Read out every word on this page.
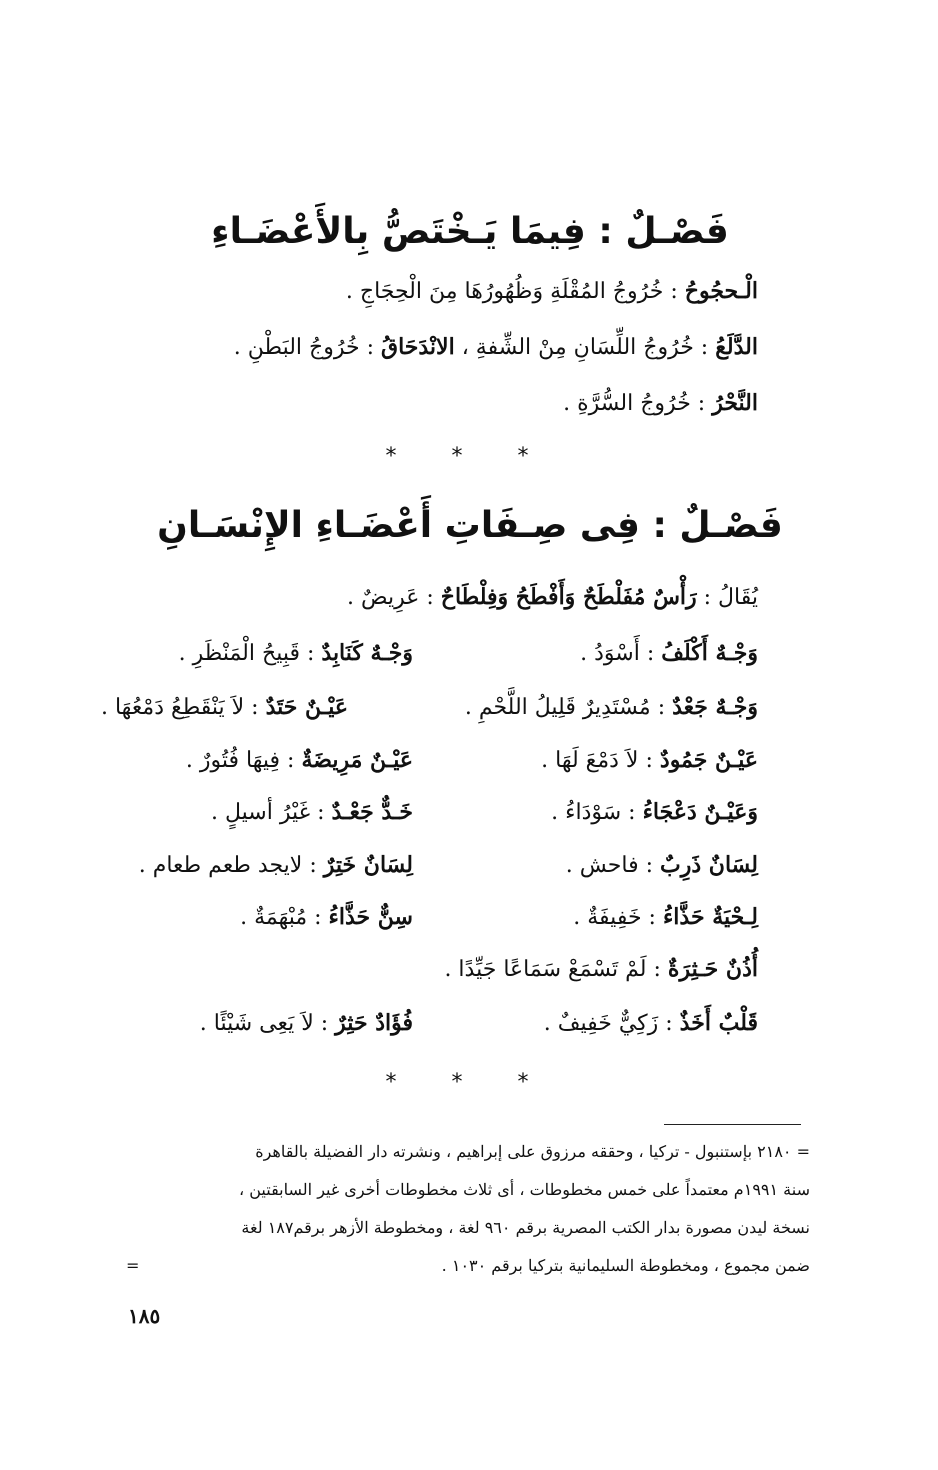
فَصْـلٌ : فِيمَا يَـخْتَصُّ بِالأَعْضَـاءِ
الْـحجُوحُ : خُرُوجُ المُقْلَةِ وَظُهُورُهَا مِنَ الْحِجَاجِ .
الدَّلَعُ : خُرُوجُ اللِّسَانِ مِنْ الشِّفةِ ، الانْدَحَاقُ : خُرُوجُ البَطْنِ .
النَّحْرُ : خُرُوجُ السُّرَّةِ .
* * *
فَصْـلٌ : فِى صِـفَاتِ أَعْضَـاءِ الإِنْسَـانِ
يُقَالُ : رَأْسٌ مُفَلْطَحٌ وَأَفْطَحُ وَفِلْطَاحٌ : عَرِيضٌ .
وَجْـهٌ أَكْلَفُ : أَسْوَدُ .
وَجْـهٌ كَنَابِدٌ : قَبِيحُ الْمَنْظَرِ .
وَجْـهٌ جَعْدٌ : مُسْتَدِيرٌ قَلِيلُ اللَّحْمِ .
عَيْـنٌ حَتَدٌ : لاَ يَنْقَطِعُ دَمْعُهَا .
عَيْـنٌ جَمُودٌ : لاَ دَمْعَ لَهَا .
عَيْـنٌ مَرِيضَةٌ : فِيهَا فُتُورٌ .
وَعَيْـنٌ دَعْجَاءُ : سَوْدَاءُ .
خَـدٌّ جَعْـدٌ : غَيْرُ أسيلٍ .
لِسَانٌ ذَرِبٌ : فاحش .
لِسَانٌ خَتِرٌ : لايجد طعم طعام .
لِـحْيَةٌ حَذَّاءُ : خَفِيفَةٌ .
سِنٌّ حَذَّاءُ : مُبْهَمَةٌ .
أُذُنٌ حَـثِرَةٌ : لَمْ تَسْمَعْ سَمَاعًا جَيِّدًا .
قَلْبٌ أَخَذٌ : زَكِيٌّ خَفِيفٌ .
فُؤَادٌ حَثِرٌ : لاَ يَعِى شَيْئًا .
* * *
= ٢١٨٠ بإستنبول - تركيا ، وحققه مرزوق على إبراهيم ، ونشرته دار الفضيلة بالقاهرة
سنة ١٩٩١م معتمداً على خمس مخطوطات ، أى ثلاث مخطوطات أخرى غير السابقتين ،
نسخة ليدن مصورة بدار الكتب المصرية برقم ٩٦٠ لغة ، ومخطوطة الأزهر برقم١٨٧ لغة
ضمن مجموع ، ومخطوطة السليمانية بتركيا برقم ١٠٣٠ .
=
١٨٥
